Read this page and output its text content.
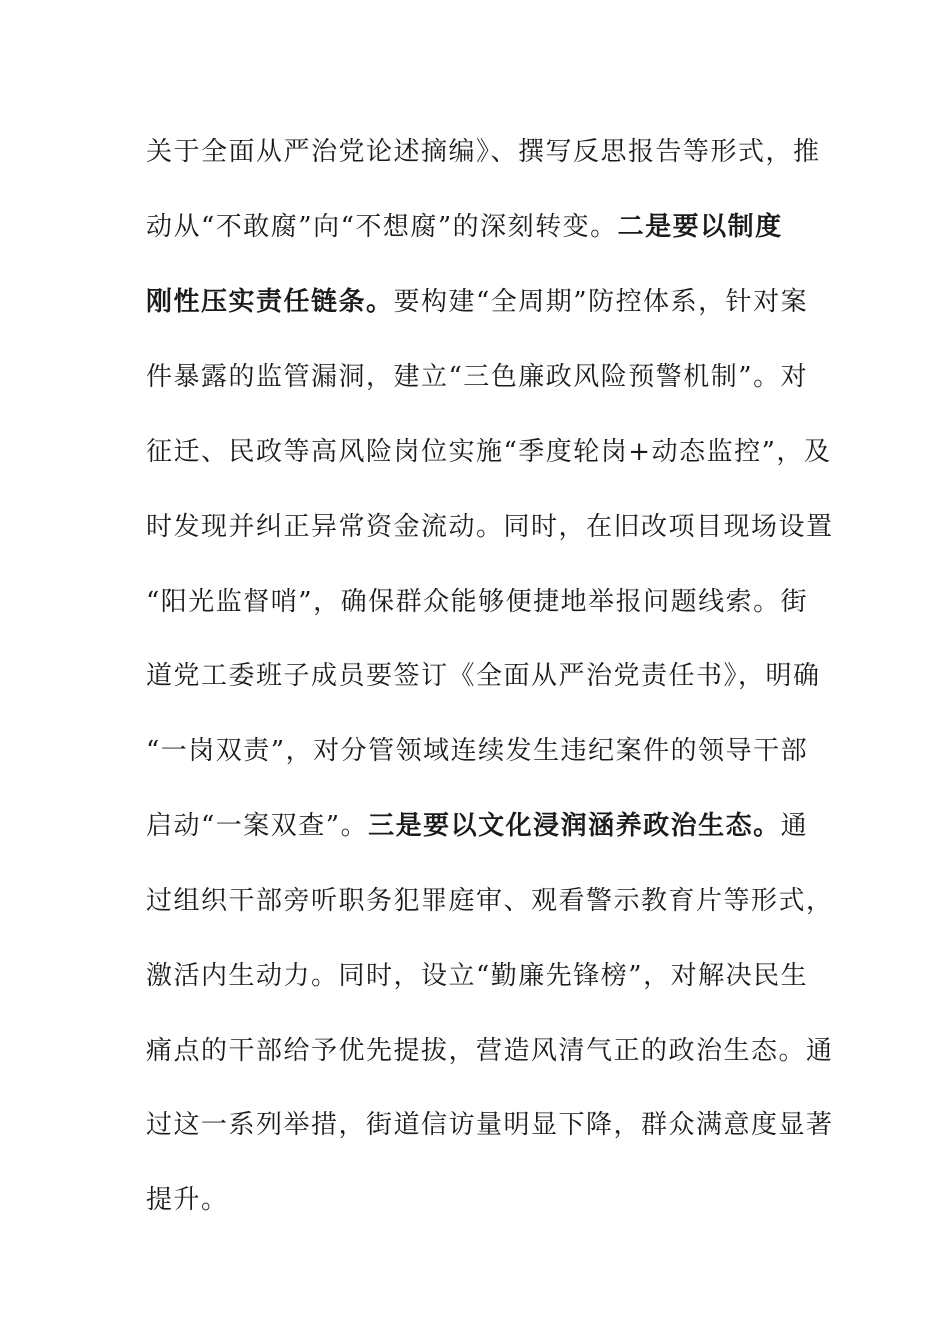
关于全面从严治党论述摘编》、撰写反思报告等形式，推
动从“不敢腐”向“不想腐”的深刻转变。二是要以制度
刚性压实责任链条。要构建“全周期”防控体系，针对案
件暴露的监管漏洞，建立“三色廉政风险预警机制”。对
征迁、民政等高风险岗位实施“季度轮岗+动态监控”，及
时发现并纠正异常资金流动。同时，在旧改项目现场设置
“阳光监督哨”，确保群众能够便捷地举报问题线索。街
道党工委班子成员要签订《全面从严治党责任书》，明确
“一岗双责”，对分管领域连续发生违纪案件的领导干部
启动“一案双查”。三是要以文化浸润涵养政治生态。通
过组织干部旁听职务犯罪庭审、观看警示教育片等形式，
激活内生动力。同时，设立“勤廉先锋榜”，对解决民生
痛点的干部给予优先提拔，营造风清气正的政治生态。通
过这一系列举措，街道信访量明显下降，群众满意度显著
提升。
